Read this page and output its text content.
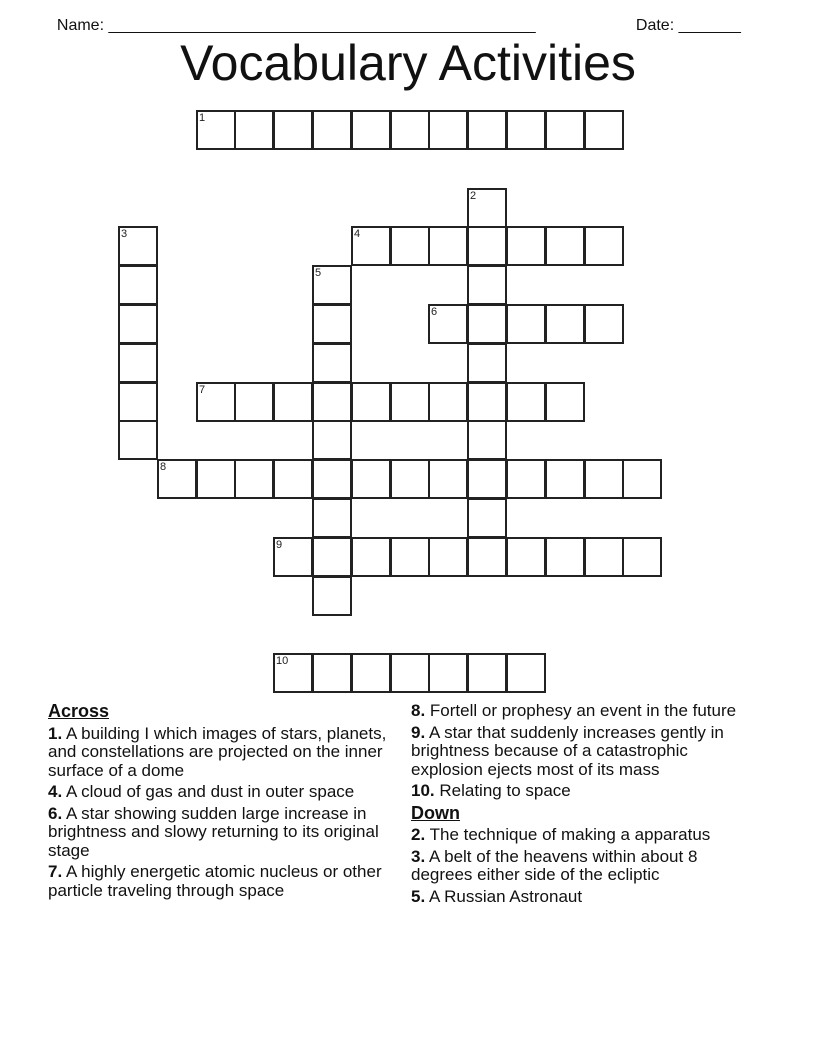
Name: ________________________________________________	Date: _______

Vocabulary Activities
1
2
3	4
5
6
7
8
9
10
Across
1. A building I which images of stars, planets, and constellations are projected on the inner surface of a dome
4. A cloud of gas and dust in outer space
6. A star showing sudden large increase in brightness and slowy returning to its original stage
7. A highly energetic atomic nucleus or other particle traveling through space
8. Fortell or prophesy an event in the future
9. A star that suddenly increases gently in brightness because of a catastrophic explosion ejects most of its mass
10. Relating to space
Down
2. The technique of making a apparatus
3. A belt of the heavens within about 8 degrees either side of the ecliptic
5. A Russian Astronaut
